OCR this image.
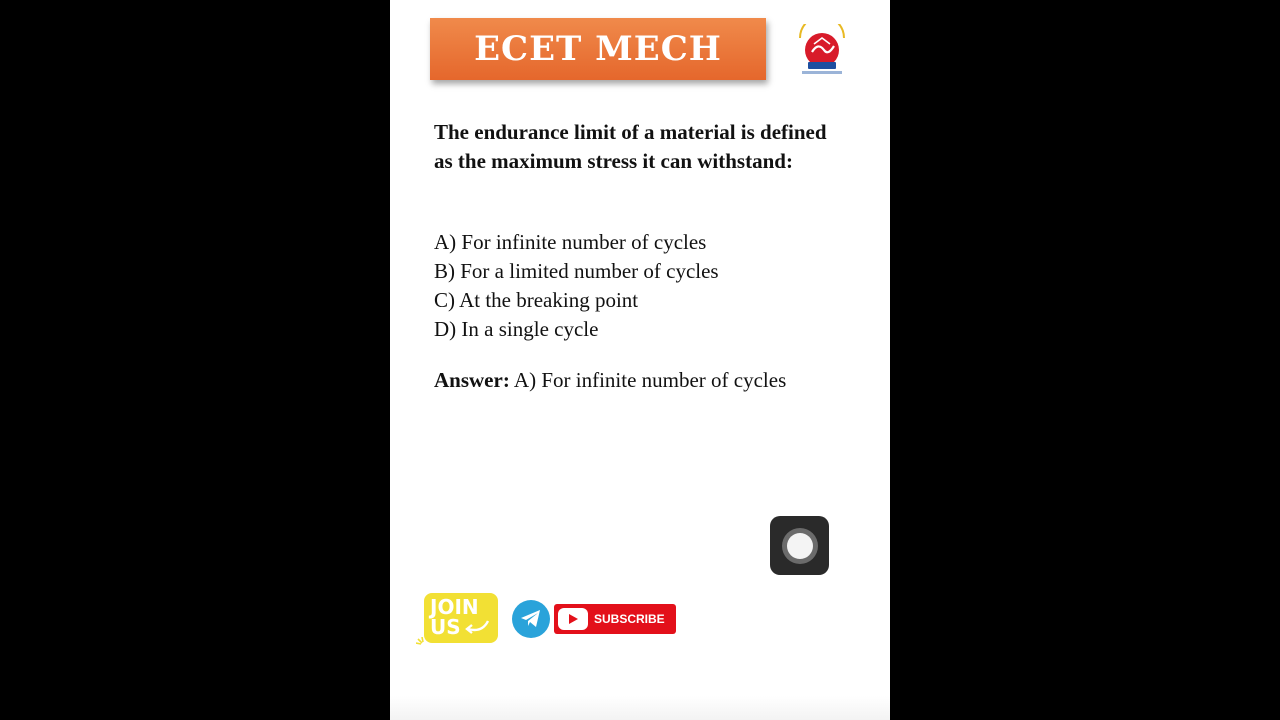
ECET MECH
The endurance limit of a material is defined as the maximum stress it can withstand:
A) For infinite number of cycles
B) For a limited number of cycles
C) At the breaking point
D) In a single cycle
Answer: A) For infinite number of cycles
JOIN
US	SUBSCRIBE
